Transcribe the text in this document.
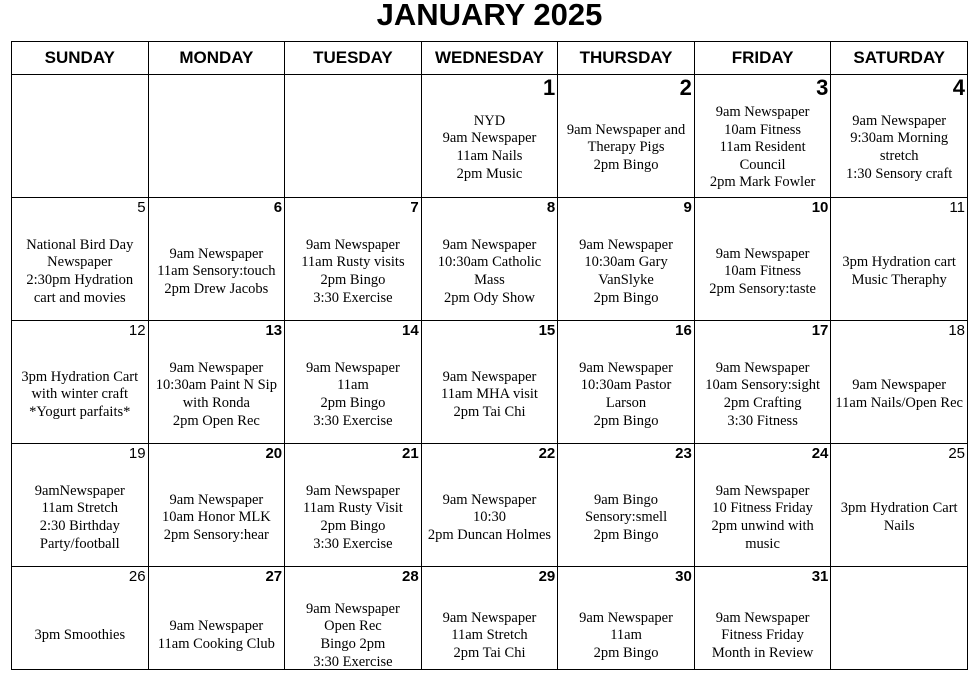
JANUARY 2025
SUNDAY	MONDAY	TUESDAY	WEDNESDAY	THURSDAY	FRIDAY	SATURDAY

			1
NYD
9am Newspaper
11am Nails
2pm Music	2
9am Newspaper and Therapy Pigs
2pm Bingo	3
9am Newspaper
10am Fitness
11am Resident Council
2pm Mark Fowler	4
9am Newspaper
9:30am Morning stretch
1:30 Sensory craft

5
National Bird Day
Newspaper
2:30pm Hydration cart and movies	6
9am Newspaper
11am Sensory:touch
2pm Drew Jacobs	7
9am Newspaper
11am Rusty visits
2pm Bingo
3:30 Exercise	8
9am Newspaper
10:30am Catholic Mass
2pm Ody Show	9
9am Newspaper
10:30am Gary VanSlyke
2pm Bingo	10
9am Newspaper
10am Fitness
2pm Sensory:taste	11
3pm Hydration cart
Music Theraphy

12
3pm Hydration Cart with winter craft
*Yogurt parfaits*	13
9am Newspaper
10:30am Paint N Sip with Ronda
2pm Open Rec	14
9am Newspaper
11am
2pm Bingo
3:30 Exercise	15
9am Newspaper
11am MHA visit
2pm Tai Chi	16
9am Newspaper
10:30am Pastor Larson
2pm Bingo	17
9am Newspaper
10am Sensory:sight
2pm Crafting
3:30 Fitness	18
9am Newspaper
11am Nails/Open Rec

19
9amNewspaper
11am Stretch
2:30 Birthday Party/football	20
9am Newspaper
10am Honor MLK
2pm Sensory:hear	21
9am Newspaper
11am Rusty Visit
2pm Bingo
3:30 Exercise	22
9am Newspaper
10:30
2pm Duncan Holmes	23
9am Bingo
Sensory:smell
2pm Bingo	24
9am Newspaper
10 Fitness Friday
2pm unwind with music	25
3pm Hydration Cart
Nails

26
3pm Smoothies	27
9am Newspaper
11am Cooking Club	28
9am Newspaper
Open Rec
Bingo 2pm
3:30 Exercise	29
9am Newspaper
11am Stretch
2pm Tai Chi	30
9am Newspaper
11am
2pm Bingo	31
9am Newspaper
Fitness Friday
Month in Review	
